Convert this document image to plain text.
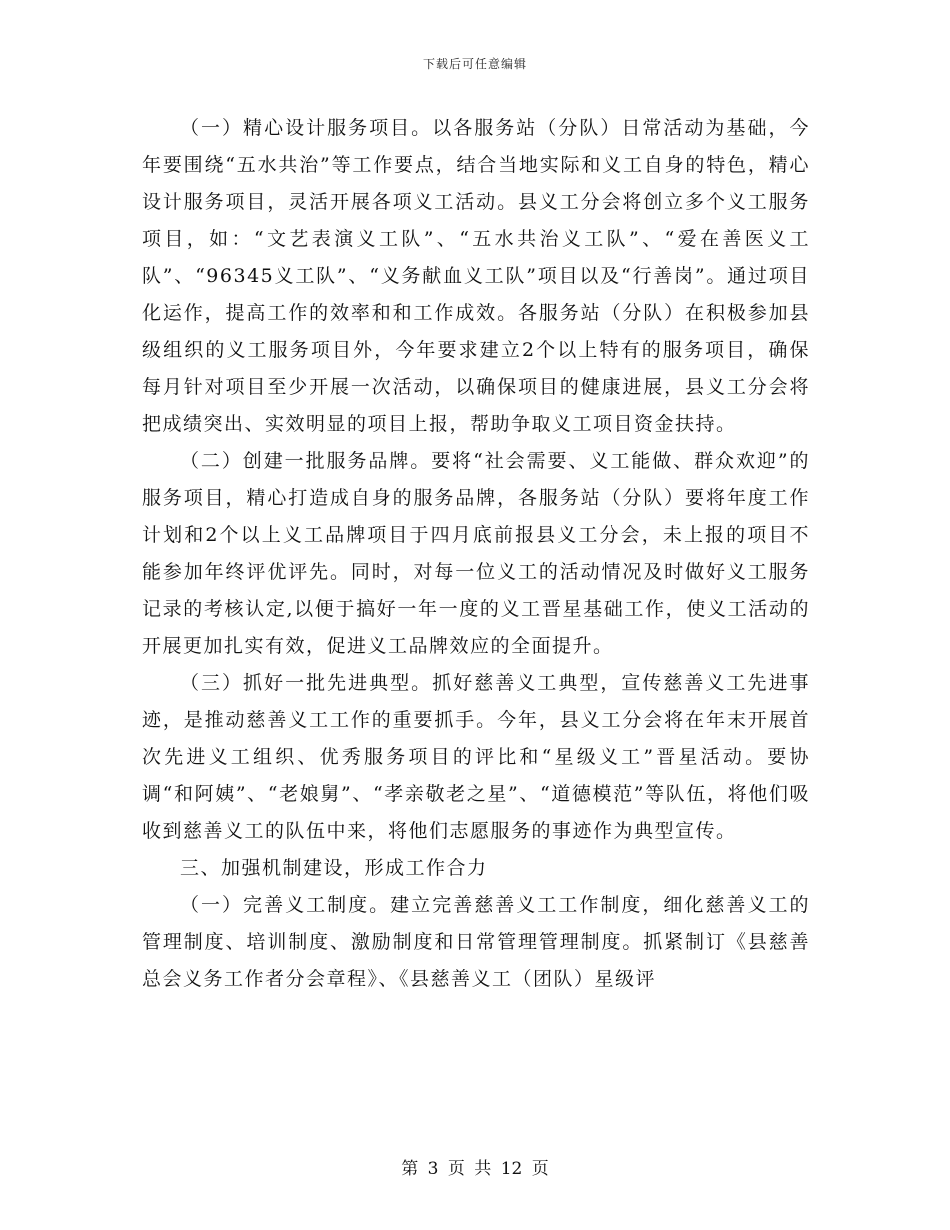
下载后可任意编辑

（一）精心设计服务项目。以各服务站（分队）日常活动为基础，今年要围绕“五水共治”等工作要点，结合当地实际和义工自身的特色，精心设计服务项目，灵活开展各项义工活动。县义工分会将创立多个义工服务项目，如：“文艺表演义工队”、“五水共治义工队”、“爱在善医义工队”、“96345义工队”、“义务献血义工队”项目以及“行善岗”。通过项目化运作，提高工作的效率和和工作成效。各服务站（分队）在积极参加县级组织的义工服务项目外，今年要求建立2个以上特有的服务项目，确保每月针对项目至少开展一次活动，以确保项目的健康进展，县义工分会将把成绩突出、实效明显的项目上报，帮助争取义工项目资金扶持。

（二）创建一批服务品牌。要将“社会需要、义工能做、群众欢迎”的服务项目，精心打造成自身的服务品牌，各服务站（分队）要将年度工作计划和2个以上义工品牌项目于四月底前报县义工分会，未上报的项目不能参加年终评优评先。同时，对每一位义工的活动情况及时做好义工服务记录的考核认定,以便于搞好一年一度的义工晋星基础工作，使义工活动的开展更加扎实有效，促进义工品牌效应的全面提升。

（三）抓好一批先进典型。抓好慈善义工典型，宣传慈善义工先进事迹，是推动慈善义工工作的重要抓手。今年，县义工分会将在年末开展首次先进义工组织、优秀服务项目的评比和“星级义工”晋星活动。要协调“和阿姨”、“老娘舅”、“孝亲敬老之星”、“道德模范”等队伍，将他们吸收到慈善义工的队伍中来，将他们志愿服务的事迹作为典型宣传。

三、加强机制建设，形成工作合力

（一）完善义工制度。建立完善慈善义工工作制度，细化慈善义工的管理制度、培训制度、激励制度和日常管理管理制度。抓紧制订《县慈善总会义务工作者分会章程》、《县慈善义工（团队）星级评

第 3 页 共 12 页
